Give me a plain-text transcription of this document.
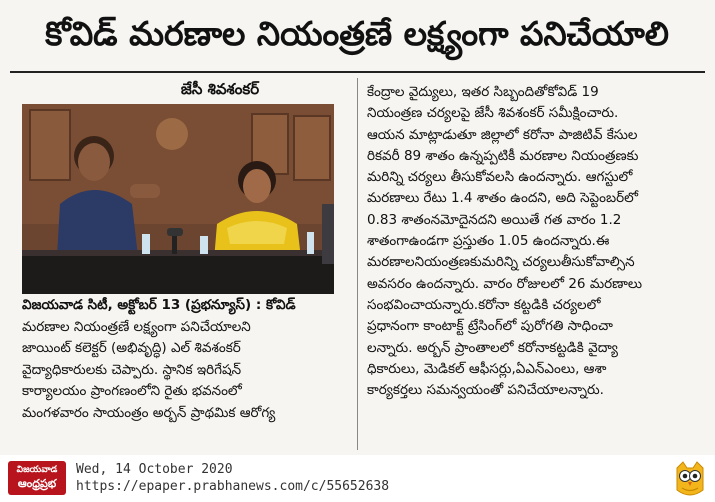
కోవిడ్ మరణాల నియంత్రణే లక్ష్యంగా పనిచేయాలి
జేసీ శివశంకర్
విజయవాడ సిటీ, అక్టోబర్ 13 (ప్రభన్యూస్) : కోవిడ్
మరణాల నియంత్రణే లక్ష్యంగా పనిచేయాలని
జాయింట్ కలెక్టర్ (అభివృద్ధి) ఎల్ శివశంకర్
వైద్యాధికారులకు చెప్పారు. స్థానిక ఇరిగేషన్
కార్యాలయం ప్రాంగణంలోని రైతు భవనంలో
మంగళవారం సాయంత్రం అర్బన్ ప్రాథమిక ఆరోగ్య
కేంద్రాల వైద్యులు, ఇతర సిబ్బందితోకోవిడ్ 19
నియంత్రణ చర్యలపై జేసీ శివశంకర్ సమీక్షించారు.
ఆయన మాట్లాడుతూ జిల్లాలో కరోనా పాజిటివ్ కేసుల
రికవరీ 89 శాతం ఉన్నప్పటికీ మరణాల నియంత్రణకు
మరిన్ని చర్యలు తీసుకోవలసి ఉందన్నారు. ఆగస్టులో
మరణాలు రేటు 1.4 శాతం ఉందని, అది సెప్టెంబర్‌లో
0.83 శాతంనమోదైనదని అయితే గత వారం 1.2
శాతంగాఉండగా ప్రస్తుతం 1.05 ఉందన్నారు.ఈ
మరణాలనియంత్రణకుమరిన్ని చర్యలుతీసుకోవాల్సిన
అవసరం ఉందన్నారు. వారం రోజులలో 26 మరణాలు
సంభవించాయన్నారు.కరోనా కట్టడికి చర్యలలో
ప్రధానంగా కాంటాక్ట్ ట్రేసింగ్‌లో పురోగతి సాధించా
లన్నారు. అర్బన్ ప్రాంతాలలో కరోనాకట్టడికి వైద్యా
ధికారులు, మెడికల్ ఆఫీసర్లు,ఏఎన్ఎంలు, ఆశా
కార్యకర్తలు సమన్వయంతో పనిచేయాలన్నారు.
విజయవాడ
ఆంధ్రప్రభ
Wed, 14 October 2020
https://epaper.prabhanews.com/c/55652638
